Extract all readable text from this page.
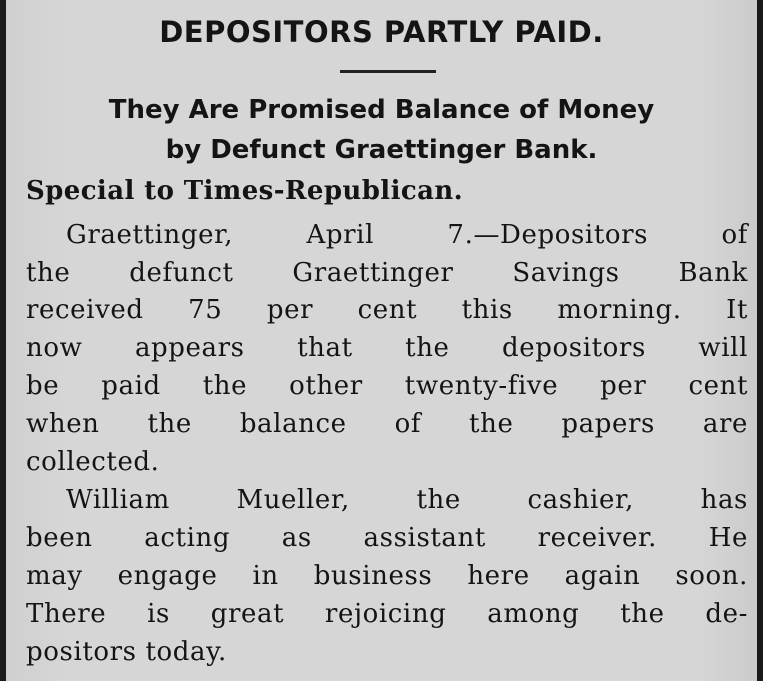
DEPOSITORS PARTLY PAID.
They Are Promised Balance of Money
by Defunct Graettinger Bank.
Special to Times-Republican.
Graettinger, April 7.—Depositors of
the defunct Graettinger Savings Bank
received 75 per cent this morning. It
now appears that the depositors will
be paid the other twenty-five per cent
when the balance of the papers are
collected.
William Mueller, the cashier, has
been acting as assistant receiver. He
may engage in business here again soon.
There is great rejoicing among the de-
positors today.
